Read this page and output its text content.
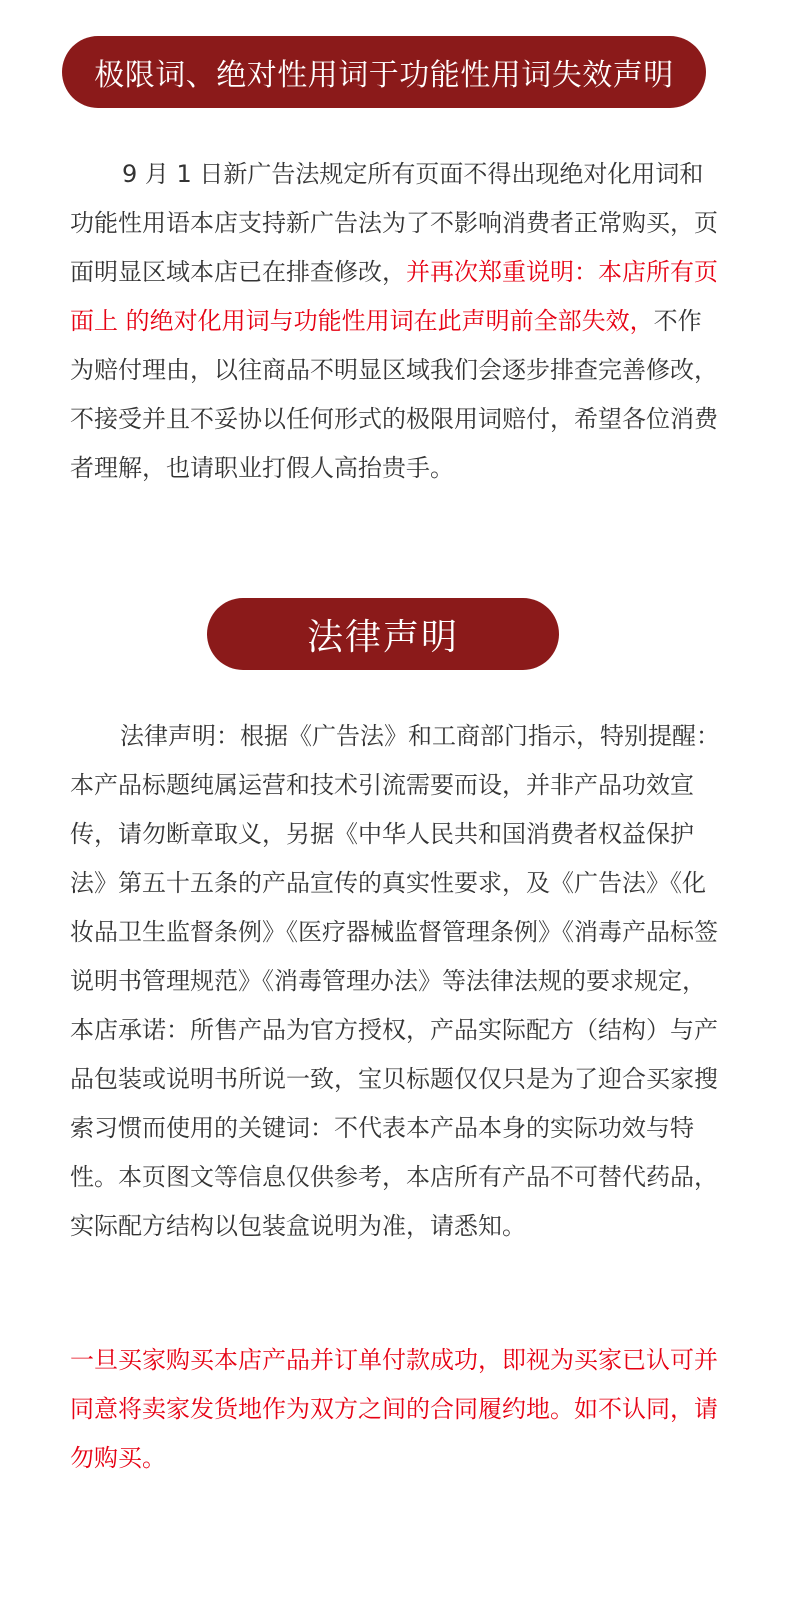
极限词、绝对性用词于功能性用词失效声明

9 月 1 日新广告法规定所有页面不得出现绝对化用词和功能性用语本店支持新广告法为了不影响消费者正常购买，页面明显区域本店已在排查修改，并再次郑重说明：本店所有页面上 的绝对化用词与功能性用词在此声明前全部失效，不作为赔付理由，以往商品不明显区域我们会逐步排查完善修改，不接受并且不妥协以任何形式的极限用词赔付，希望各位消费者理解，也请职业打假人高抬贵手。

法律声明

法律声明：根据《广告法》和工商部门指示，特别提醒：本产品标题纯属运营和技术引流需要而设，并非产品功效宣传，请勿断章取义，另据《中华人民共和国消费者权益保护法》第五十五条的产品宣传的真实性要求，及《广告法》《化妆品卫生监督条例》《医疗器械监督管理条例》《消毒产品标签说明书管理规范》《消毒管理办法》等法律法规的要求规定，本店承诺：所售产品为官方授权，产品实际配方（结构）与产品包装或说明书所说一致，宝贝标题仅仅只是为了迎合买家搜索习惯而使用的关键词：不代表本产品本身的实际功效与特性。本页图文等信息仅供参考，本店所有产品不可替代药品，实际配方结构以包装盒说明为准，请悉知。

一旦买家购买本店产品并订单付款成功，即视为买家已认可并同意将卖家发货地作为双方之间的合同履约地。如不认同，请勿购买。
